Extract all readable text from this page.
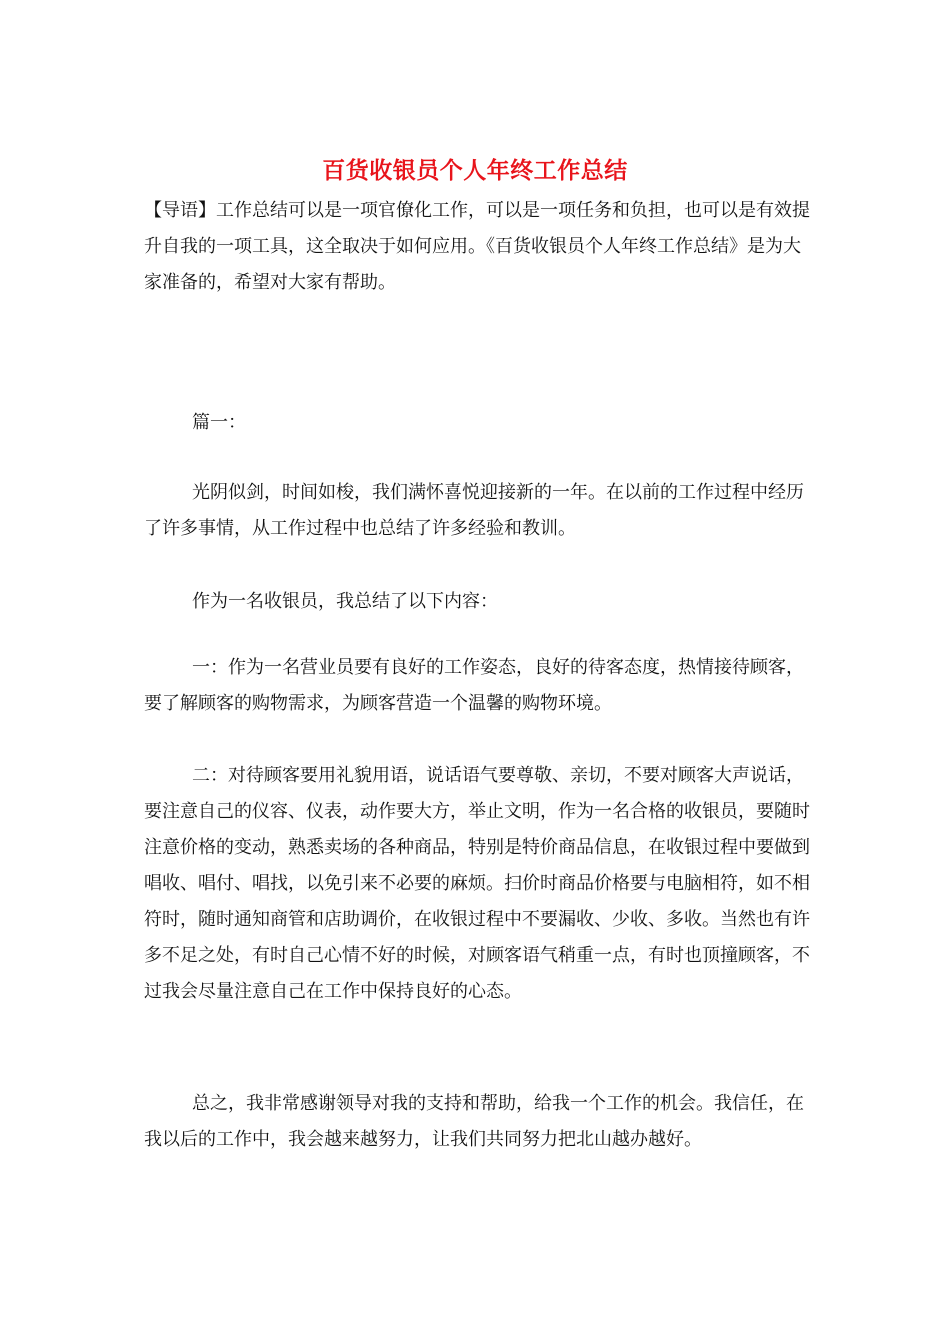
百货收银员个人年终工作总结

【导语】工作总结可以是一项官僚化工作，可以是一项任务和负担，也可以是有效提升自我的一项工具，这全取决于如何应用。《百货收银员个人年终工作总结》是为大家准备的，希望对大家有帮助。

篇一：

光阴似剑，时间如梭，我们满怀喜悦迎接新的一年。在以前的工作过程中经历了许多事情，从工作过程中也总结了许多经验和教训。

作为一名收银员，我总结了以下内容：

一：作为一名营业员要有良好的工作姿态，良好的待客态度，热情接待顾客，要了解顾客的购物需求，为顾客营造一个温馨的购物环境。

二：对待顾客要用礼貌用语，说话语气要尊敬、亲切，不要对顾客大声说话，要注意自己的仪容、仪表，动作要大方，举止文明，作为一名合格的收银员，要随时注意价格的变动，熟悉卖场的各种商品，特别是特价商品信息，在收银过程中要做到唱收、唱付、唱找，以免引来不必要的麻烦。扫价时商品价格要与电脑相符，如不相符时，随时通知商管和店助调价，在收银过程中不要漏收、少收、多收。当然也有许多不足之处，有时自己心情不好的时候，对顾客语气稍重一点，有时也顶撞顾客，不过我会尽量注意自己在工作中保持良好的心态。

总之，我非常感谢领导对我的支持和帮助，给我一个工作的机会。我信任，在我以后的工作中，我会越来越努力，让我们共同努力把北山越办越好。
